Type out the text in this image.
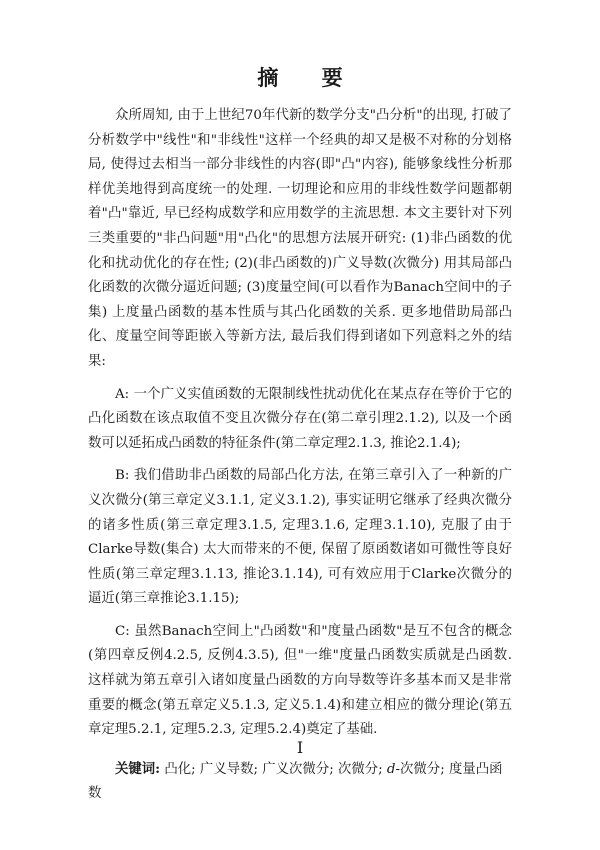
摘 要

众所周知, 由于上世纪70年代新的数学分支"凸分析"的出现, 打破了分析数学中"线性"和"非线性"这样一个经典的却又是极不对称的分划格局, 使得过去相当一部分非线性的内容(即"凸"内容), 能够象线性分析那样优美地得到高度统一的处理. 一切理论和应用的非线性数学问题都朝着"凸"靠近, 早已经构成数学和应用数学的主流思想. 本文主要针对下列三类重要的"非凸问题"用"凸化"的思想方法展开研究: (1)非凸函数的优化和扰动优化的存在性; (2)(非凸函数的)广义导数(次微分) 用其局部凸化函数的次微分逼近问题; (3)度量空间(可以看作为Banach空间中的子集) 上度量凸函数的基本性质与其凸化函数的关系. 更多地借助局部凸化、度量空间等距嵌入等新方法, 最后我们得到诸如下列意料之外的结果:

A: 一个广义实值函数的无限制线性扰动优化在某点存在等价于它的凸化函数在该点取值不变且次微分存在(第二章引理2.1.2), 以及一个函数可以延拓成凸函数的特征条件(第二章定理2.1.3, 推论2.1.4);

B: 我们借助非凸函数的局部凸化方法, 在第三章引入了一种新的广义次微分(第三章定义3.1.1, 定义3.1.2), 事实证明它继承了经典次微分的诸多性质(第三章定理3.1.5, 定理3.1.6, 定理3.1.10), 克服了由于Clarke导数(集合) 太大而带来的不便, 保留了原函数诸如可微性等良好性质(第三章定理3.1.13, 推论3.1.14), 可有效应用于Clarke次微分的逼近(第三章推论3.1.15);

C: 虽然Banach空间上"凸函数"和"度量凸函数"是互不包含的概念(第四章反例4.2.5, 反例4.3.5), 但"一维"度量凸函数实质就是凸函数. 这样就为第五章引入诸如度量凸函数的方向导数等许多基本而又是非常重要的概念(第五章定义5.1.3, 定义5.1.4)和建立相应的微分理论(第五章定理5.2.1, 定理5.2.3, 定理5.2.4)奠定了基础.

关键词: 凸化; 广义导数; 广义次微分; 次微分; d-次微分; 度量凸函数

I
